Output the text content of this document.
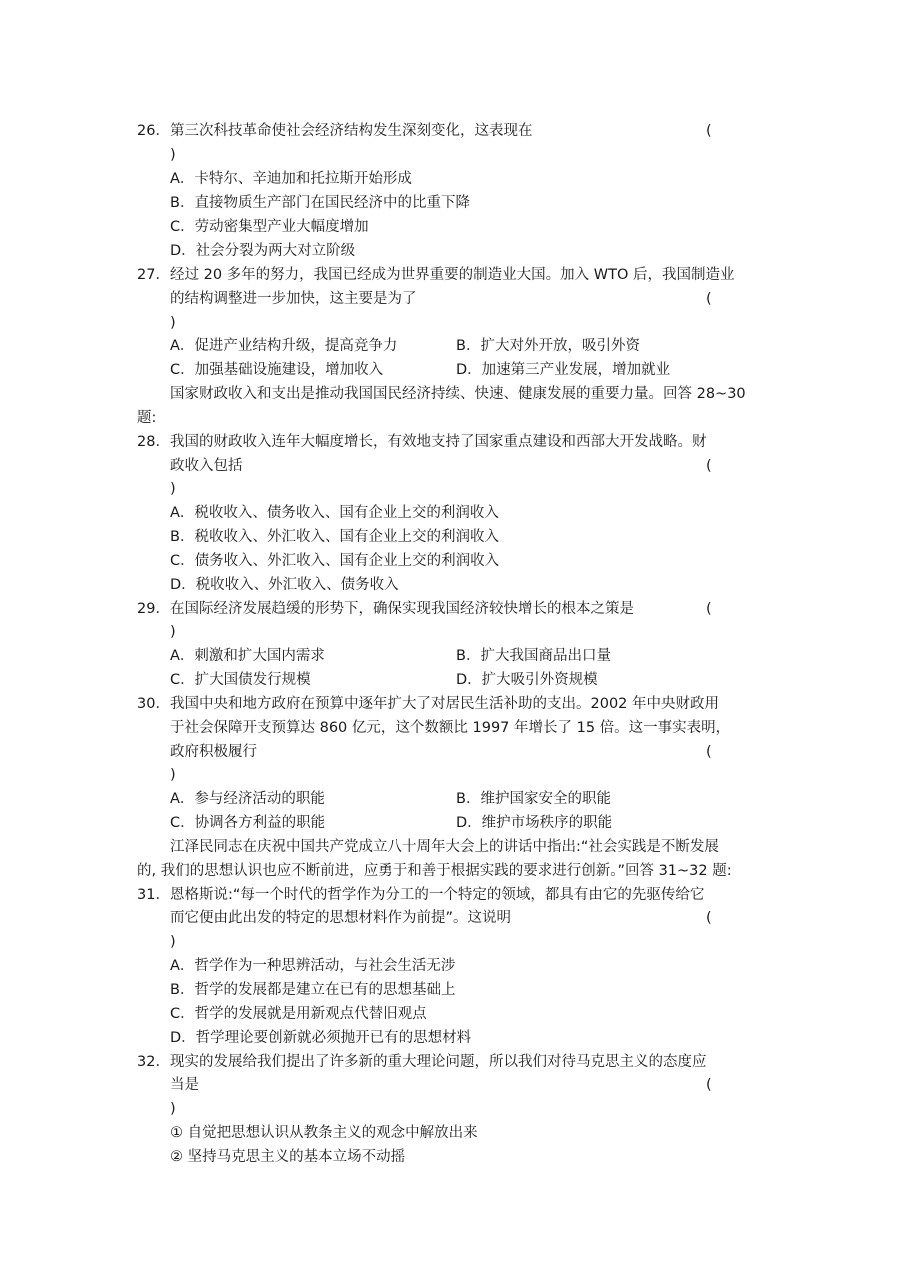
26． 第三次科技革命使社会经济结构发生深刻变化，这表现在	(
)
A．卡特尔、辛迪加和托拉斯开始形成
B．直接物质生产部门在国民经济中的比重下降
C．劳动密集型产业大幅度增加
D．社会分裂为两大对立阶级
27． 经过 20 多年的努力，我国已经成为世界重要的制造业大国。加入 WTO 后，我国制造业
的结构调整进一步加快，这主要是为了	(
)
A．促进产业结构升级，提高竞争力	B．扩大对外开放，吸引外资
C．加强基础设施建设，增加收入	D．加速第三产业发展，增加就业
国家财政收入和支出是推动我国国民经济持续、快速、健康发展的重要力量。回答 28~30
题:
28． 我国的财政收入连年大幅度增长，有效地支持了国家重点建设和西部大开发战略。财
政收入包括	(
)
A．税收收入、债务收入、国有企业上交的利润收入
B．税收收入、外汇收入、国有企业上交的利润收入
C．债务收入、外汇收入、国有企业上交的利润收入
D．税收收入、外汇收入、债务收入
29． 在国际经济发展趋缓的形势下，确保实现我国经济较快增长的根本之策是	(
)
A．刺激和扩大国内需求	B．扩大我国商品出口量
C．扩大国债发行规模	D．扩大吸引外资规模
30． 我国中央和地方政府在预算中逐年扩大了对居民生活补助的支出。2002 年中央财政用
于社会保障开支预算达 860 亿元，这个数额比 1997 年增长了 15 倍。这一事实表明，
政府积极履行	(
)
A．参与经济活动的职能	B．维护国家安全的职能
C．协调各方利益的职能	D．维护市场秩序的职能
江泽民同志在庆祝中国共产党成立八十周年大会上的讲话中指出:“社会实践是不断发展
的, 我们的思想认识也应不断前进，应勇于和善于根据实践的要求进行创新。”回答 31~32 题:
31． 恩格斯说:“每一个时代的哲学作为分工的一个特定的领域，都具有由它的先驱传给它
而它便由此出发的特定的思想材料作为前提”。这说明	(
)
A．哲学作为一种思辨活动，与社会生活无涉
B．哲学的发展都是建立在已有的思想基础上
C．哲学的发展就是用新观点代替旧观点
D．哲学理论要创新就必须抛开已有的思想材料
32． 现实的发展给我们提出了许多新的重大理论问题，所以我们对待马克思主义的态度应
当是	(
)
① 自觉把思想认识从教条主义的观念中解放出来
② 坚持马克思主义的基本立场不动摇
